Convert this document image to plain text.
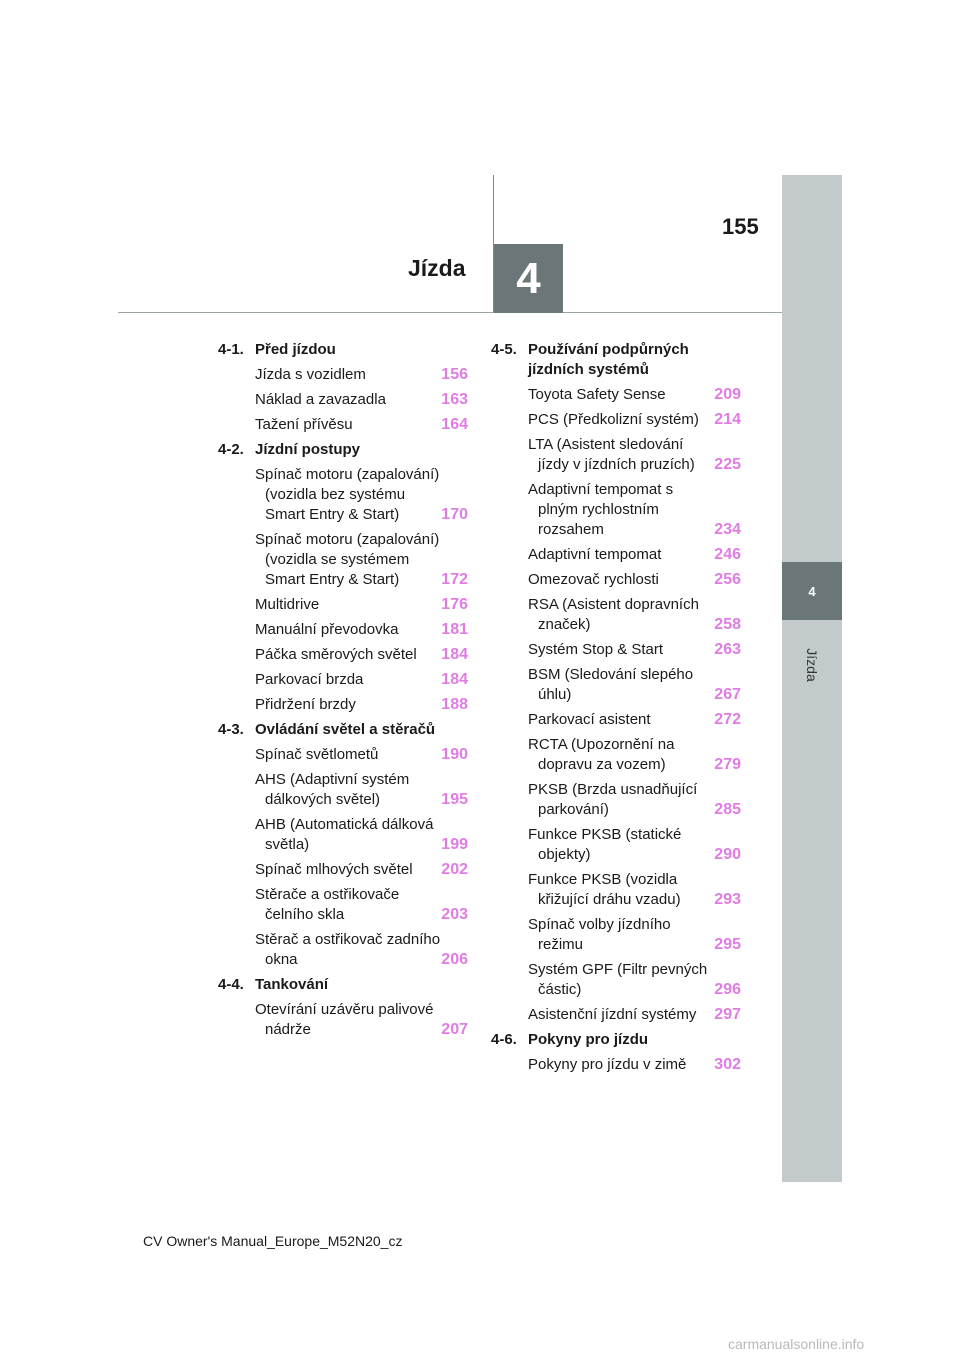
Jízda	4
155
4
Jízda
4-1. Před jízdou
Jízda s vozidlem	156
Náklad a zavazadla	163
Tažení přívěsu	164
4-2. Jízdní postupy
Spínač motoru (zapalování) (vozidla bez systému Smart Entry & Start)	170
Spínač motoru (zapalování) (vozidla se systémem Smart Entry & Start)	172
Multidrive	176
Manuální převodovka	181
Páčka směrových světel	184
Parkovací brzda	184
Přidržení brzdy	188
4-3. Ovládání světel a stěračů
Spínač světlometů	190
AHS (Adaptivní systém dálkových světel)	195
AHB (Automatická dálková světla)	199
Spínač mlhových světel	202
Stěrače a ostřikovače čelního skla	203
Stěrač a ostřikovač zadního okna	206
4-4. Tankování
Otevírání uzávěru palivové nádrže	207
4-5. Používání podpůrných jízdních systémů
Toyota Safety Sense	209
PCS (Předkolizní systém) 214
LTA (Asistent sledování jízdy v jízdních pruzích)	225
Adaptivní tempomat s plným rychlostním rozsahem	234
Adaptivní tempomat	246
Omezovač rychlosti	256
RSA (Asistent dopravních značek)	258
Systém Stop & Start	263
BSM (Sledování slepého úhlu)	267
Parkovací asistent	272
RCTA (Upozornění na dopravu za vozem)	279
PKSB (Brzda usnadňující parkování)	285
Funkce PKSB (statické objekty)	290
Funkce PKSB (vozidla křižující dráhu vzadu)	293
Spínač volby jízdního režimu	295
Systém GPF (Filtr pevných částic)	296
Asistenční jízdní systémy	297
4-6. Pokyny pro jízdu
Pokyny pro jízdu v zimě	302
CV Owner's Manual_Europe_M52N20_cz
carmanualsonline.info
